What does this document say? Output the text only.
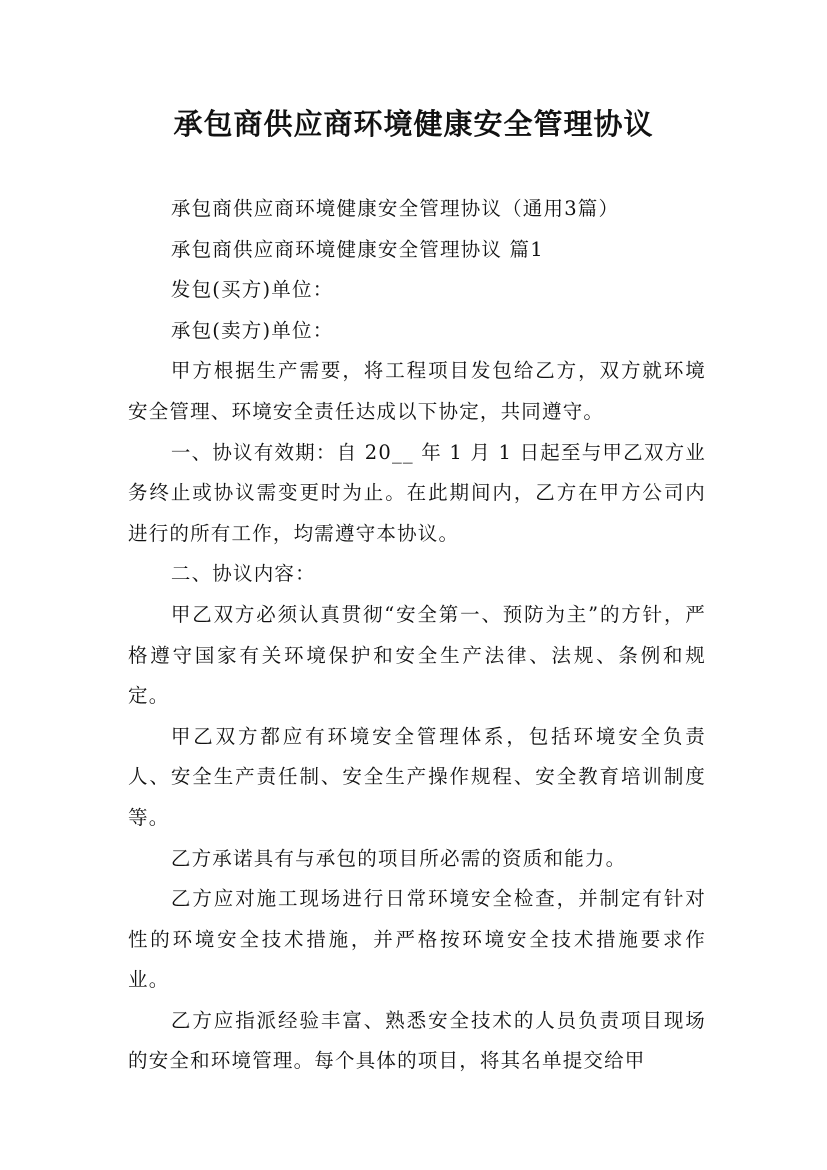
承包商供应商环境健康安全管理协议

承包商供应商环境健康安全管理协议（通用3篇）

承包商供应商环境健康安全管理协议 篇1

发包(买方)单位：

承包(卖方)单位：

甲方根据生产需要，将工程项目发包给乙方，双方就环境安全管理、环境安全责任达成以下协定，共同遵守。

一、协议有效期：自 20__ 年 1 月 1 日起至与甲乙双方业务终止或协议需变更时为止。在此期间内，乙方在甲方公司内进行的所有工作，均需遵守本协议。

二、协议内容：

甲乙双方必须认真贯彻“安全第一、预防为主”的方针，严格遵守国家有关环境保护和安全生产法律、法规、条例和规定。

甲乙双方都应有环境安全管理体系，包括环境安全负责人、安全生产责任制、安全生产操作规程、安全教育培训制度等。

乙方承诺具有与承包的项目所必需的资质和能力。

乙方应对施工现场进行日常环境安全检查，并制定有针对性的环境安全技术措施，并严格按环境安全技术措施要求作业。

乙方应指派经验丰富、熟悉安全技术的人员负责项目现场的安全和环境管理。每个具体的项目，将其名单提交给甲
